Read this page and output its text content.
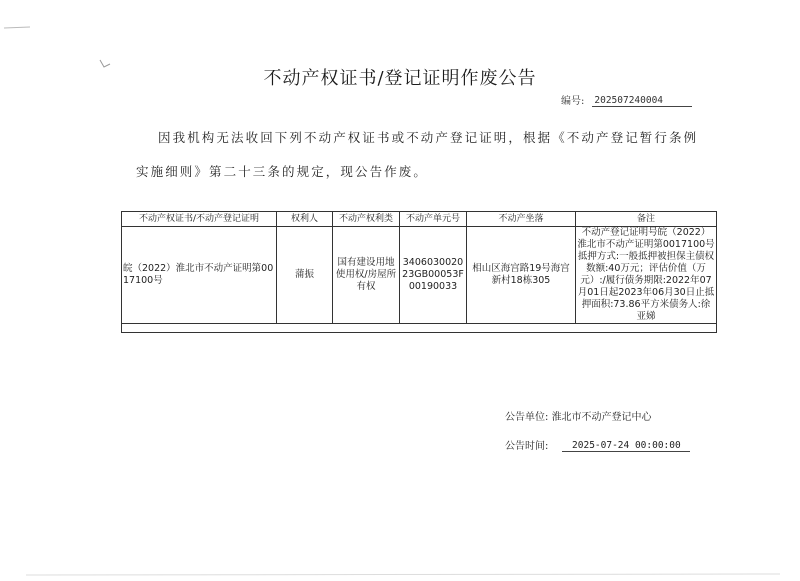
不动产权证书/登记证明作废公告
编号: 202507240004
因我机构无法收回下列不动产权证书或不动产登记证明，根据《不动产登记暂行条例
实施细则》第二十三条的规定，现公告作废。
不动产权证书/不动产登记证明	权利人	不动产权利类	不动产单元号	不动产坐落	备注
皖（2022）淮北市不动产证明第0017100号	蒲振	国有建设用地使用权/房屋所有权	340603002023GB00053F00190033	相山区海宫路19号海宫新村18栋305	不动产登记证明号皖（2022）淮北市不动产证明第0017100号抵押方式:一般抵押被担保主债权数额:40万元；评估价值（万元）:/履行债务期限:2022年07月01日起2023年06月30日止抵押面积:73.86平方米债务人:徐亚娣

公告单位: 淮北市不动产登记中心
公告时间:	2025-07-24 00:00:00
